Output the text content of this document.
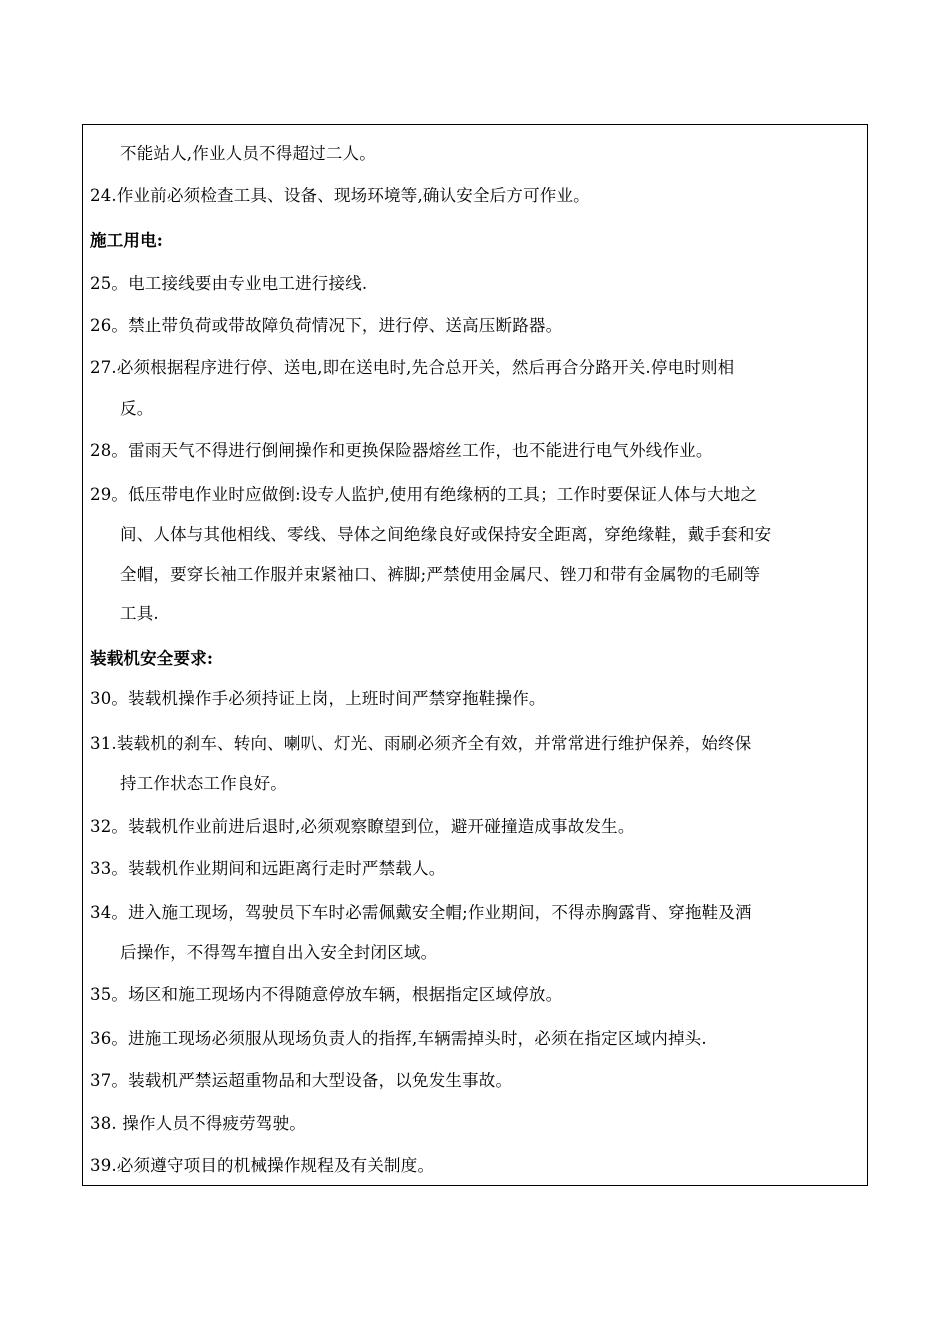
不能站人,作业人员不得超过二人。
24.作业前必须检查工具、设备、现场环境等,确认安全后方可作业。
施工用电:
25。电工接线要由专业电工进行接线.
26。禁止带负荷或带故障负荷情况下，进行停、送高压断路器。
27.必须根据程序进行停、送电,即在送电时,先合总开关，然后再合分路开关.停电时则相
反。
28。雷雨天气不得进行倒闸操作和更换保险器熔丝工作，也不能进行电气外线作业。
29。低压带电作业时应做倒:设专人监护,使用有绝缘柄的工具；工作时要保证人体与大地之
间、人体与其他相线、零线、导体之间绝缘良好或保持安全距离，穿绝缘鞋，戴手套和安
全帽，要穿长袖工作服并束紧袖口、裤脚;严禁使用金属尺、锉刀和带有金属物的毛刷等
工具.
装载机安全要求:
30。装载机操作手必须持证上岗，上班时间严禁穿拖鞋操作。
31.装载机的刹车、转向、喇叭、灯光、雨刷必须齐全有效，并常常进行维护保养，始终保
持工作状态工作良好。
32。装载机作业前进后退时,必须观察瞭望到位，避开碰撞造成事故发生。
33。装载机作业期间和远距离行走时严禁载人。
34。进入施工现场，驾驶员下车时必需佩戴安全帽;作业期间，不得赤胸露背、穿拖鞋及酒
后操作，不得驾车擅自出入安全封闭区域。
35。场区和施工现场内不得随意停放车辆，根据指定区域停放。
36。进施工现场必须服从现场负责人的指挥,车辆需掉头时，必须在指定区域内掉头.
37。装载机严禁运超重物品和大型设备，以免发生事故。
38. 操作人员不得疲劳驾驶。
39.必须遵守项目的机械操作规程及有关制度。
